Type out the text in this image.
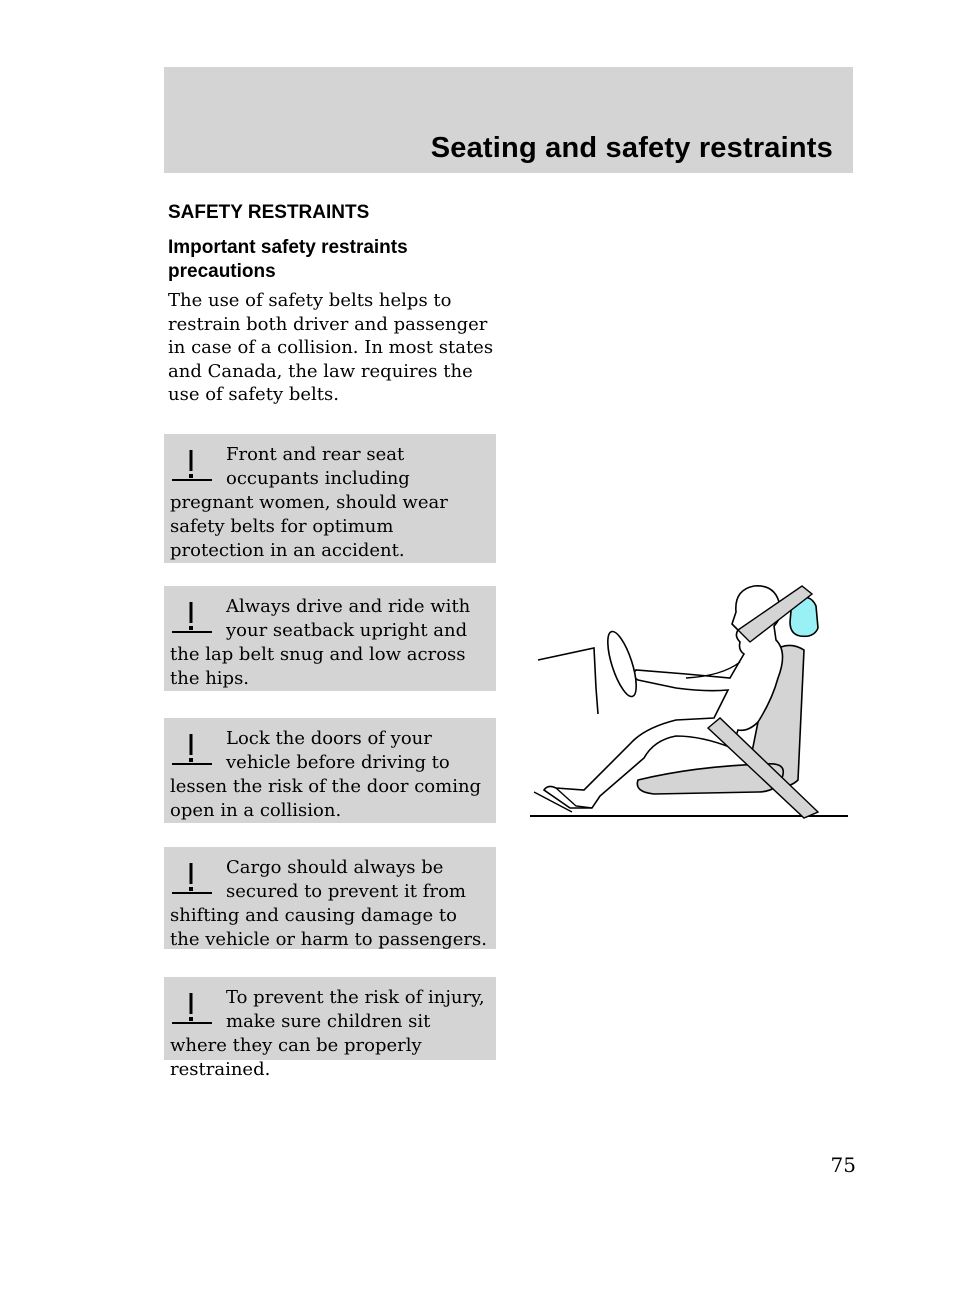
Seating and safety restraints
SAFETY RESTRAINTS
Important safety restraints precautions

The use of safety belts helps to restrain both driver and passenger in case of a collision. In most states and Canada, the law requires the use of safety belts.

Front and rear seat occupants including pregnant women, should wear safety belts for optimum protection in an accident.

Always drive and ride with your seatback upright and the lap belt snug and low across the hips.

Lock the doors of your vehicle before driving to lessen the risk of the door coming open in a collision.

Cargo should always be secured to prevent it from shifting and causing damage to the vehicle or harm to passengers.

To prevent the risk of injury, make sure children sit where they can be properly restrained.

75
